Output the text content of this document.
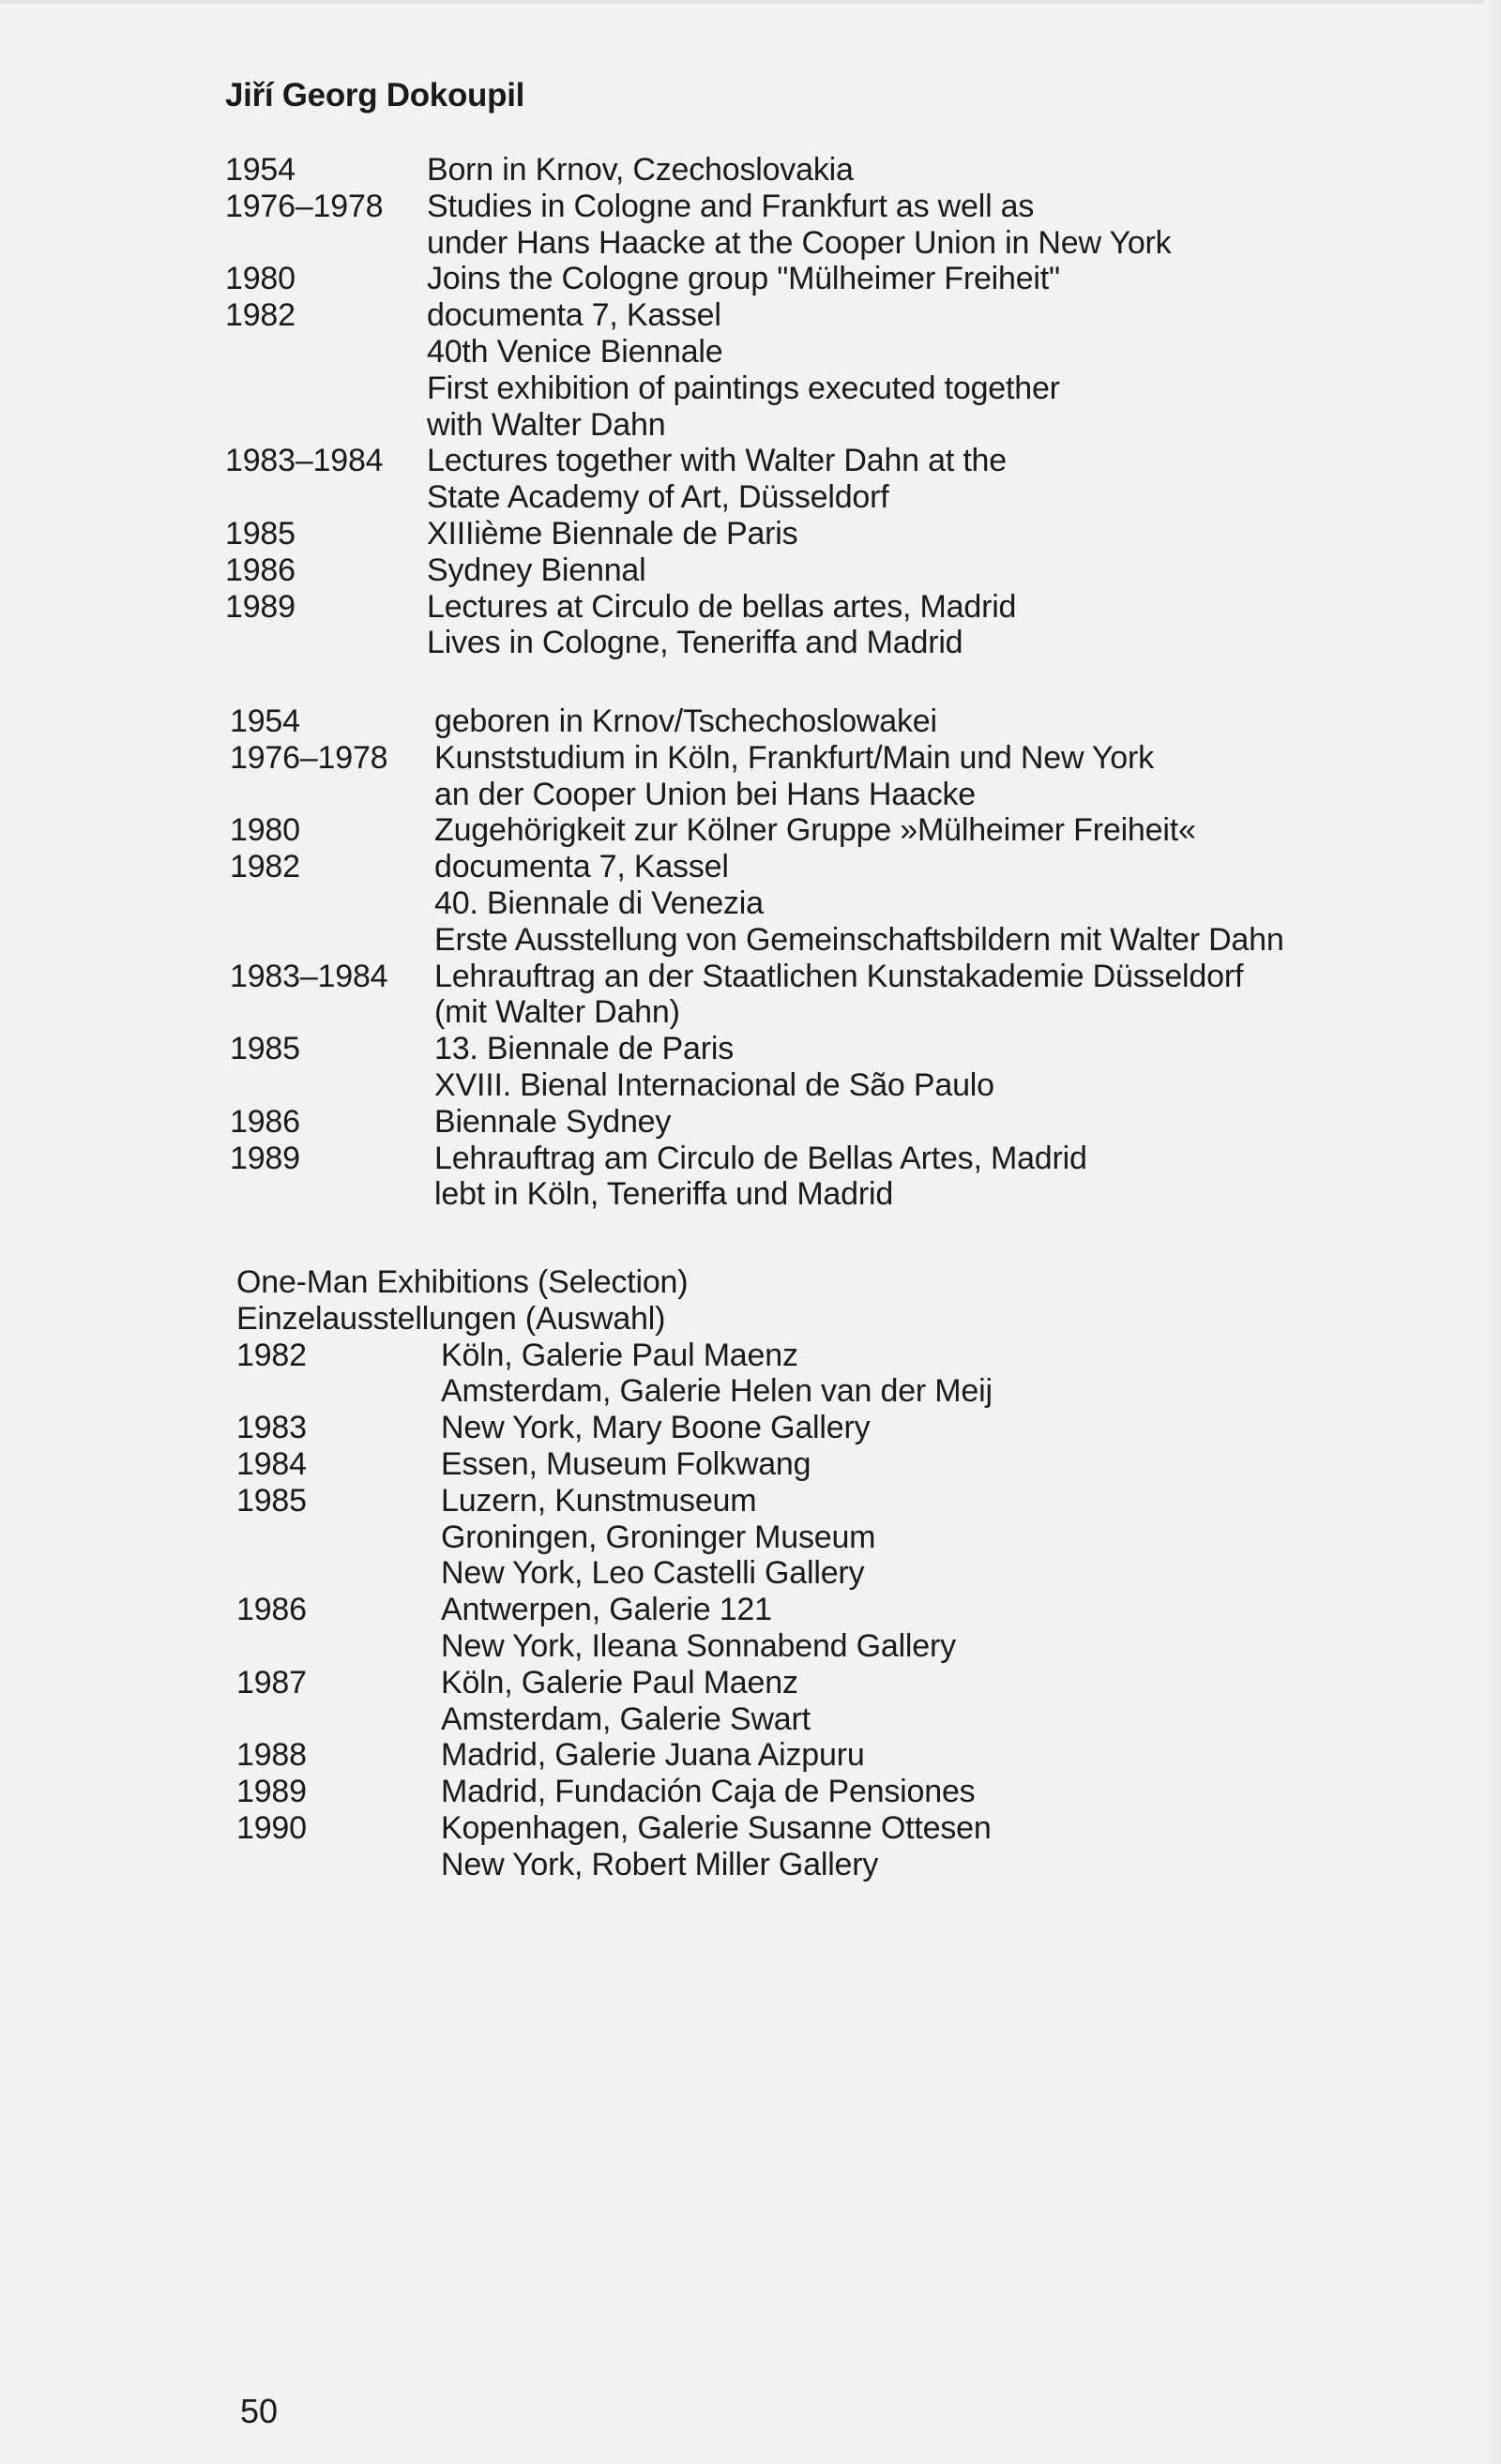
Jiří Georg Dokoupil
1954	Born in Krnov, Czechoslovakia
1976–1978	Studies in Cologne and Frankfurt as well as
under Hans Haacke at the Cooper Union in New York
1980	Joins the Cologne group "Mülheimer Freiheit"
1982	documenta 7, Kassel
40th Venice Biennale
First exhibition of paintings executed together
with Walter Dahn
1983–1984	Lectures together with Walter Dahn at the
State Academy of Art, Düsseldorf
1985	XIIIième Biennale de Paris
1986	Sydney Biennal
1989	Lectures at Circulo de bellas artes, Madrid
Lives in Cologne, Teneriffa and Madrid
1954	geboren in Krnov/Tschechoslowakei
1976–1978	Kunststudium in Köln, Frankfurt/Main und New York
an der Cooper Union bei Hans Haacke
1980	Zugehörigkeit zur Kölner Gruppe »Mülheimer Freiheit«
1982	documenta 7, Kassel
40. Biennale di Venezia
Erste Ausstellung von Gemeinschaftsbildern mit Walter Dahn
1983–1984	Lehrauftrag an der Staatlichen Kunstakademie Düsseldorf
(mit Walter Dahn)
1985	13. Biennale de Paris
XVIII. Bienal Internacional de São Paulo
1986	Biennale Sydney
1989	Lehrauftrag am Circulo de Bellas Artes, Madrid
lebt in Köln, Teneriffa und Madrid
One-Man Exhibitions (Selection)
Einzelausstellungen (Auswahl)
1982	Köln, Galerie Paul Maenz
Amsterdam, Galerie Helen van der Meij
1983	New York, Mary Boone Gallery
1984	Essen, Museum Folkwang
1985	Luzern, Kunstmuseum
Groningen, Groninger Museum
New York, Leo Castelli Gallery
1986	Antwerpen, Galerie 121
New York, Ileana Sonnabend Gallery
1987	Köln, Galerie Paul Maenz
Amsterdam, Galerie Swart
1988	Madrid, Galerie Juana Aizpuru
1989	Madrid, Fundación Caja de Pensiones
1990	Kopenhagen, Galerie Susanne Ottesen
New York, Robert Miller Gallery
50
